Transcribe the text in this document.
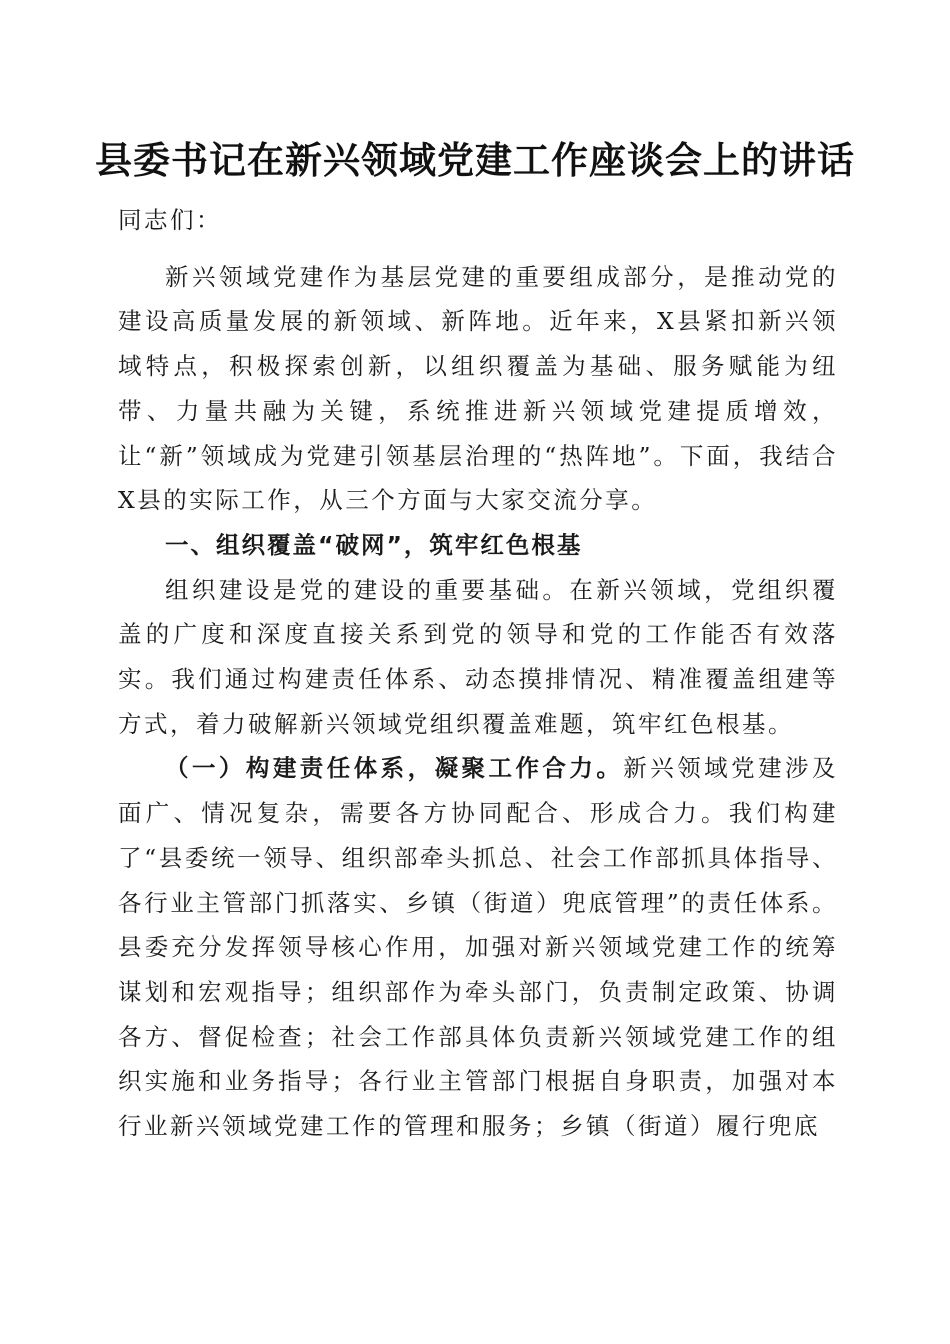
县委书记在新兴领域党建工作座谈会上的讲话

同志们：

新兴领域党建作为基层党建的重要组成部分，是推动党的建设高质量发展的新领域、新阵地。近年来，X县紧扣新兴领域特点，积极探索创新，以组织覆盖为基础、服务赋能为纽带、力量共融为关键，系统推进新兴领域党建提质增效，让“新”领域成为党建引领基层治理的“热阵地”。下面，我结合X县的实际工作，从三个方面与大家交流分享。

一、组织覆盖“破网”，筑牢红色根基

组织建设是党的建设的重要基础。在新兴领域，党组织覆盖的广度和深度直接关系到党的领导和党的工作能否有效落实。我们通过构建责任体系、动态摸排情况、精准覆盖组建等方式，着力破解新兴领域党组织覆盖难题，筑牢红色根基。

（一）构建责任体系，凝聚工作合力。新兴领域党建涉及面广、情况复杂，需要各方协同配合、形成合力。我们构建了“县委统一领导、组织部牵头抓总、社会工作部抓具体指导、各行业主管部门抓落实、乡镇（街道）兜底管理”的责任体系。县委充分发挥领导核心作用，加强对新兴领域党建工作的统筹谋划和宏观指导；组织部作为牵头部门，负责制定政策、协调各方、督促检查；社会工作部具体负责新兴领域党建工作的组织实施和业务指导；各行业主管部门根据自身职责，加强对本行业新兴领域党建工作的管理和服务；乡镇（街道）履行兜底
